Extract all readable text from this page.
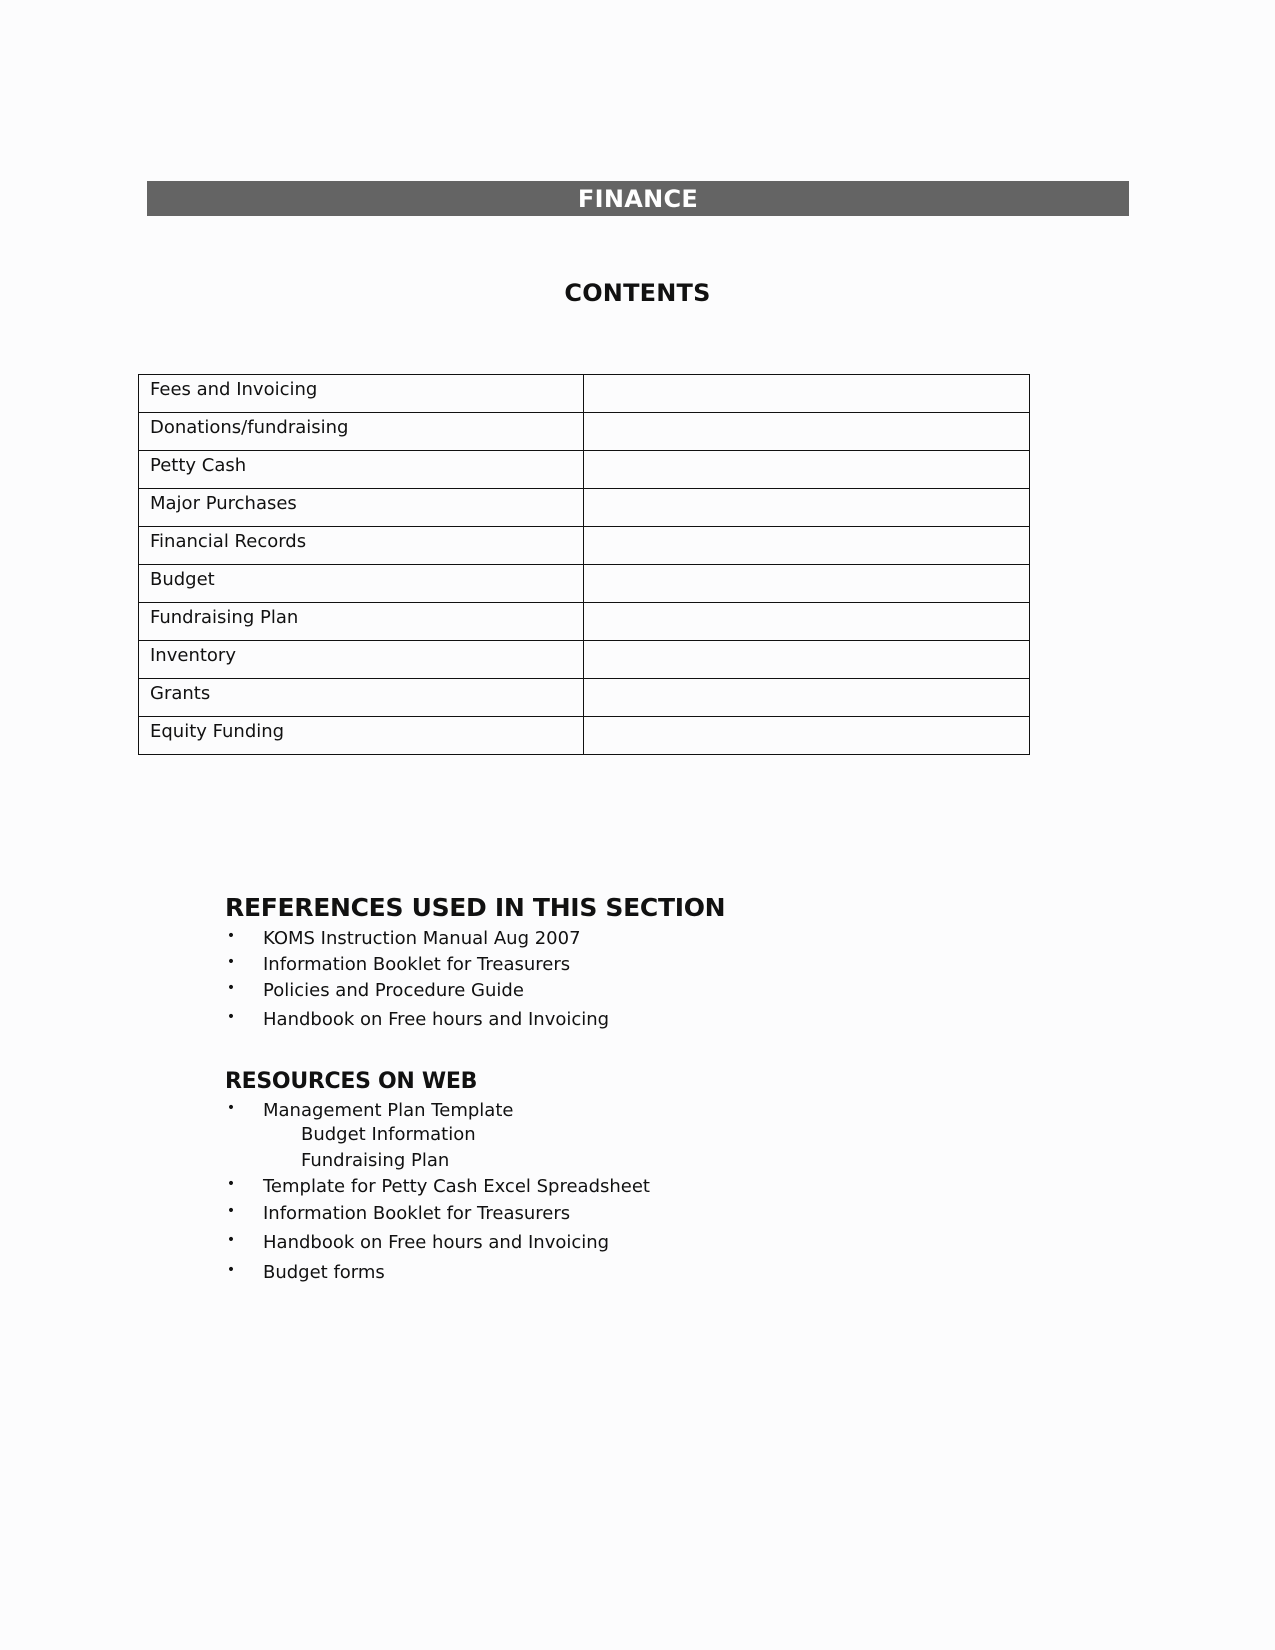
FINANCE
CONTENTS
Fees and Invoicing	
Donations/fundraising	
Petty Cash	
Major Purchases	
Financial Records	
Budget	
Fundraising Plan	
Inventory	
Grants	
Equity Funding	
REFERENCES USED IN THIS SECTION
• KOMS Instruction Manual Aug 2007
• Information Booklet for Treasurers
• Policies and Procedure Guide
• Handbook on Free hours and Invoicing
RESOURCES ON WEB
• Management Plan Template
Budget Information
Fundraising Plan
• Template for Petty Cash Excel Spreadsheet
• Information Booklet for Treasurers
• Handbook on Free hours and Invoicing
• Budget forms
